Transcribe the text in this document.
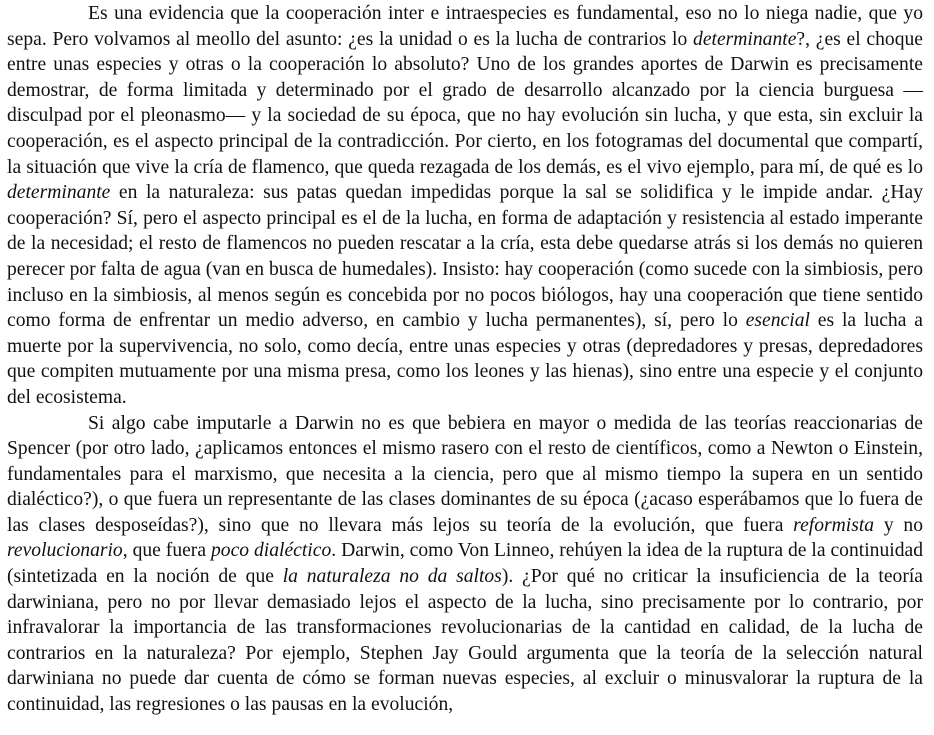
Es una evidencia que la cooperación inter e intraespecies es fundamental, eso no lo niega nadie, que yo sepa. Pero volvamos al meollo del asunto: ¿es la unidad o es la lucha de contrarios lo determinante?, ¿es el choque entre unas especies y otras o la cooperación lo absoluto? Uno de los grandes aportes de Darwin es precisamente demostrar, de forma limitada y determinado por el grado de desarrollo alcanzado por la ciencia burguesa —disculpad por el pleonasmo— y la sociedad de su época, que no hay evolución sin lucha, y que esta, sin excluir la cooperación, es el aspecto principal de la contradicción. Por cierto, en los fotogramas del documental que compartí, la situación que vive la cría de flamenco, que queda rezagada de los demás, es el vivo ejemplo, para mí, de qué es lo determinante en la naturaleza: sus patas quedan impedidas porque la sal se solidifica y le impide andar. ¿Hay cooperación? Sí, pero el aspecto principal es el de la lucha, en forma de adaptación y resistencia al estado imperante de la necesidad; el resto de flamencos no pueden rescatar a la cría, esta debe quedarse atrás si los demás no quieren perecer por falta de agua (van en busca de humedales). Insisto: hay cooperación (como sucede con la simbiosis, pero incluso en la simbiosis, al menos según es concebida por no pocos biólogos, hay una cooperación que tiene sentido como forma de enfrentar un medio adverso, en cambio y lucha permanentes), sí, pero lo esencial es la lucha a muerte por la supervivencia, no solo, como decía, entre unas especies y otras (depredadores y presas, depredadores que compiten mutuamente por una misma presa, como los leones y las hienas), sino entre una especie y el conjunto del ecosistema.

Si algo cabe imputarle a Darwin no es que bebiera en mayor o medida de las teorías reaccionarias de Spencer (por otro lado, ¿aplicamos entonces el mismo rasero con el resto de científicos, como a Newton o Einstein, fundamentales para el marxismo, que necesita a la ciencia, pero que al mismo tiempo la supera en un sentido dialéctico?), o que fuera un representante de las clases dominantes de su época (¿acaso esperábamos que lo fuera de las clases desposeídas?), sino que no llevara más lejos su teoría de la evolución, que fuera reformista y no revolucionario, que fuera poco dialéctico. Darwin, como Von Linneo, rehúyen la idea de la ruptura de la continuidad (sintetizada en la noción de que la naturaleza no da saltos). ¿Por qué no criticar la insuficiencia de la teoría darwiniana, pero no por llevar demasiado lejos el aspecto de la lucha, sino precisamente por lo contrario, por infravalorar la importancia de las transformaciones revolucionarias de la cantidad en calidad, de la lucha de contrarios en la naturaleza? Por ejemplo, Stephen Jay Gould argumenta que la teoría de la selección natural darwiniana no puede dar cuenta de cómo se forman nuevas especies, al excluir o minusvalorar la ruptura de la continuidad, las regresiones o las pausas en la evolución,
